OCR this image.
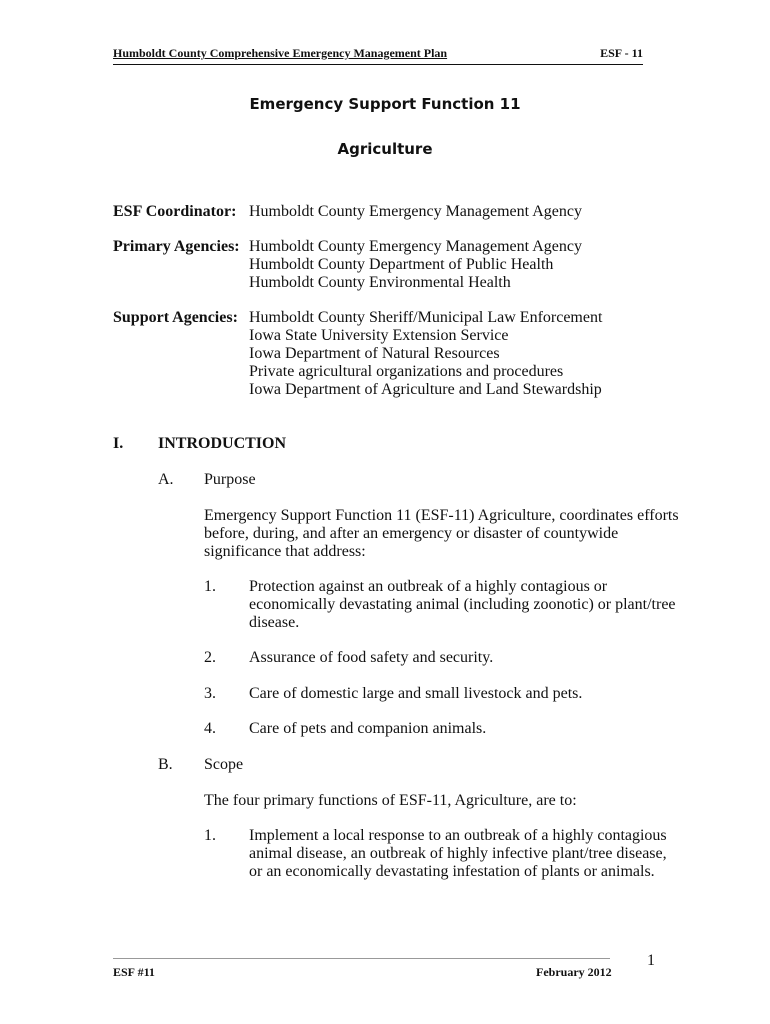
Humboldt County Comprehensive Emergency Management Plan	ESF - 11
Emergency Support Function 11
Agriculture
ESF Coordinator: Humboldt County Emergency Management Agency
Primary Agencies: Humboldt County Emergency Management Agency
Humboldt County Department of Public Health
Humboldt County Environmental Health
Support Agencies: Humboldt County Sheriff/Municipal Law Enforcement
Iowa State University Extension Service
Iowa Department of Natural Resources
Private agricultural organizations and procedures
Iowa Department of Agriculture and Land Stewardship
I. INTRODUCTION
A. Purpose
Emergency Support Function 11 (ESF-11) Agriculture, coordinates efforts
before, during, and after an emergency or disaster of countywide
significance that address:
1. Protection against an outbreak of a highly contagious or
economically devastating animal (including zoonotic) or plant/tree
disease.
2. Assurance of food safety and security.
3. Care of domestic large and small livestock and pets.
4. Care of pets and companion animals.
B. Scope
The four primary functions of ESF-11, Agriculture, are to:
1. Implement a local response to an outbreak of a highly contagious
animal disease, an outbreak of highly infective plant/tree disease,
or an economically devastating infestation of plants or animals.
ESF #11	February 2012
1
